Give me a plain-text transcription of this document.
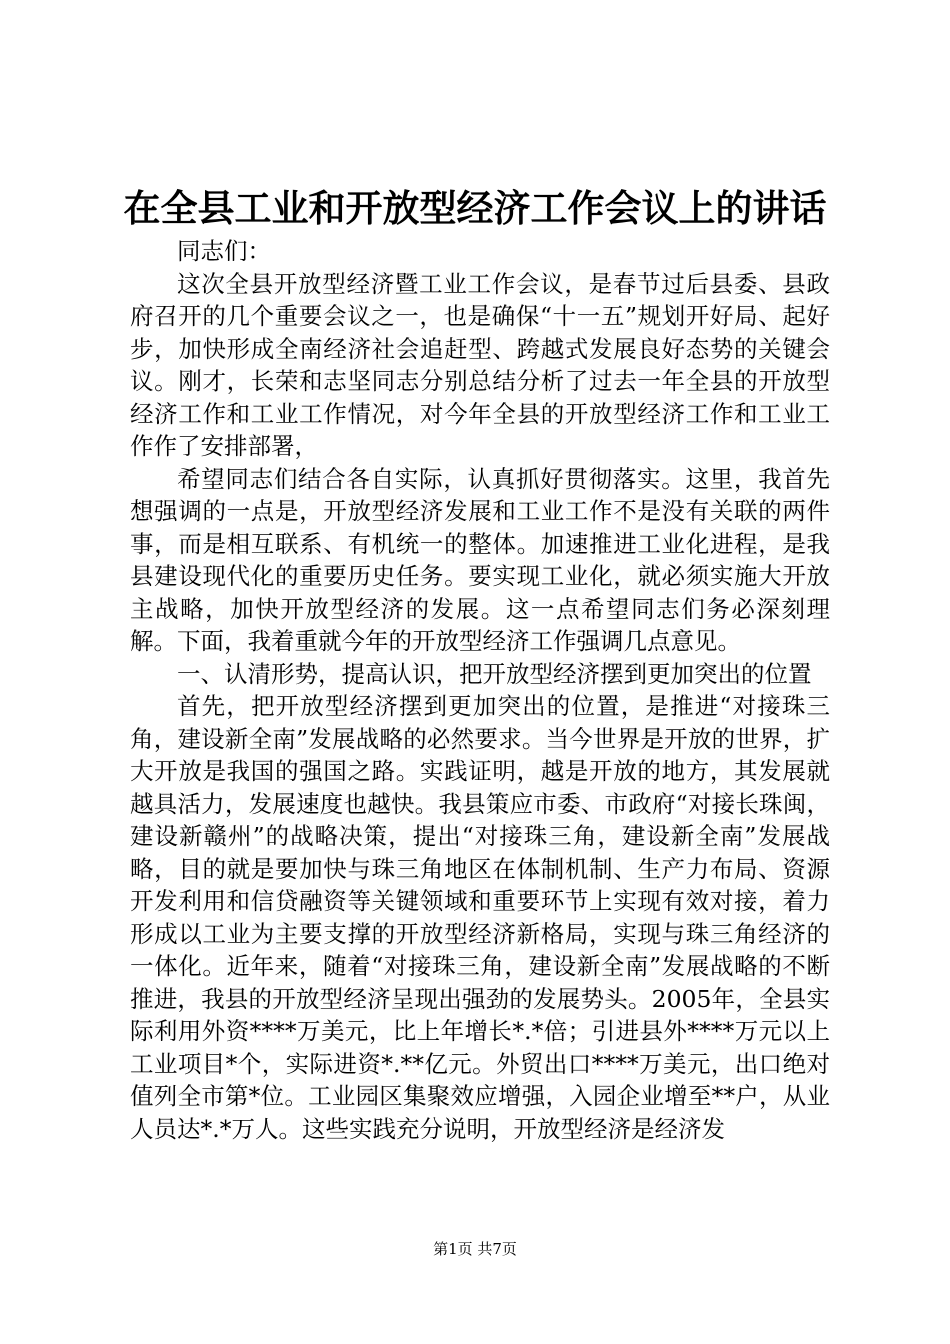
在全县工业和开放型经济工作会议上的讲话

同志们：

这次全县开放型经济暨工业工作会议，是春节过后县委、县政府召开的几个重要会议之一，也是确保“十一五”规划开好局、起好步，加快形成全南经济社会追赶型、跨越式发展良好态势的关键会议。刚才，长荣和志坚同志分别总结分析了过去一年全县的开放型经济工作和工业工作情况，对今年全县的开放型经济工作和工业工作作了安排部署，

希望同志们结合各自实际，认真抓好贯彻落实。这里，我首先想强调的一点是，开放型经济发展和工业工作不是没有关联的两件事，而是相互联系、有机统一的整体。加速推进工业化进程，是我县建设现代化的重要历史任务。要实现工业化，就必须实施大开放主战略，加快开放型经济的发展。这一点希望同志们务必深刻理解。下面，我着重就今年的开放型经济工作强调几点意见。

一、认清形势，提高认识，把开放型经济摆到更加突出的位置

首先，把开放型经济摆到更加突出的位置，是推进“对接珠三角，建设新全南”发展战略的必然要求。当今世界是开放的世界，扩大开放是我国的强国之路。实践证明，越是开放的地方，其发展就越具活力，发展速度也越快。我县策应市委、市政府“对接长珠闽，建设新赣州”的战略决策，提出“对接珠三角，建设新全南”发展战略，目的就是要加快与珠三角地区在体制机制、生产力布局、资源开发利用和信贷融资等关键领域和重要环节上实现有效对接，着力形成以工业为主要支撑的开放型经济新格局，实现与珠三角经济的一体化。近年来，随着“对接珠三角，建设新全南”发展战略的不断推进，我县的开放型经济呈现出强劲的发展势头。2005年，全县实际利用外资****万美元，比上年增长*.*倍；引进县外****万元以上工业项目*个，实际进资*.**亿元。外贸出口****万美元，出口绝对值列全市第*位。工业园区集聚效应增强，入园企业增至**户，从业人员达*.*万人。这些实践充分说明，开放型经济是经济发

第1页 共7页
